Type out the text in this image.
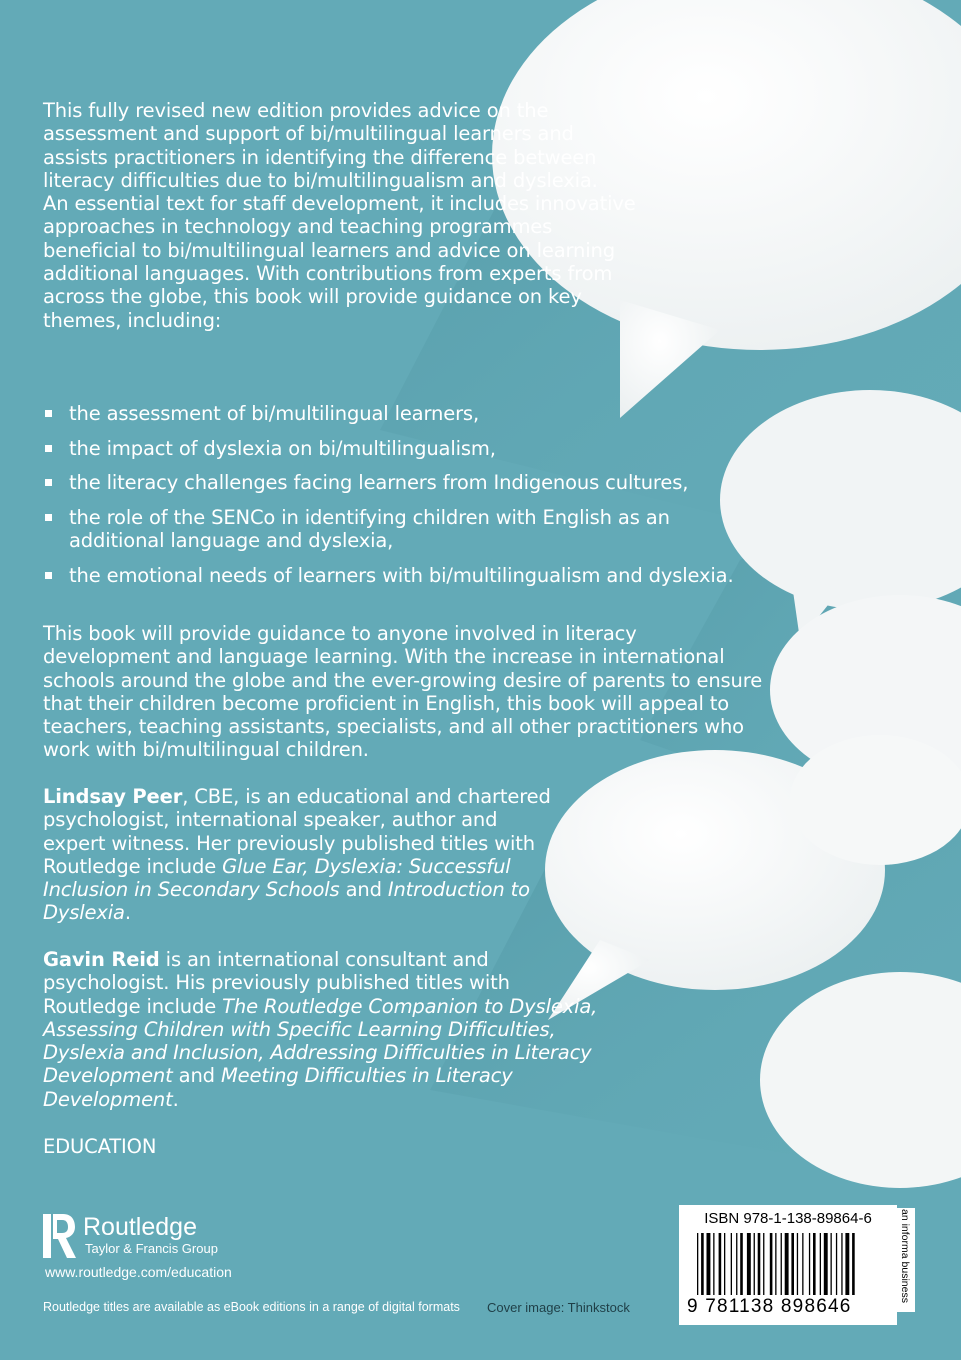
This fully revised new edition provides advice on the assessment and support of bi/multilingual learners and assists practitioners in identifying the difference between literacy difficulties due to bi/multilingualism and dyslexia.

An essential text for staff development, it includes innovative approaches in technology and teaching programmes beneficial to bi/multilingual learners and advice on learning additional languages. With contributions from experts from across the globe, this book will provide guidance on key themes, including:

the assessment of bi/multilingual learners,
the impact of dyslexia on bi/multilingualism,
the literacy challenges facing learners from Indigenous cultures,
the role of the SENCo in identifying children with English as an additional language and dyslexia,
the emotional needs of learners with bi/multilingualism and dyslexia.

This book will provide guidance to anyone involved in literacy development and language learning. With the increase in international schools around the globe and the ever-growing desire of parents to ensure that their children become proficient in English, this book will appeal to teachers, teaching assistants, specialists, and all other practitioners who work with bi/multilingual children.

Lindsay Peer, CBE, is an educational and chartered psychologist, international speaker, author and expert witness. Her previously published titles with Routledge include Glue Ear, Dyslexia: Successful Inclusion in Secondary Schools and Introduction to Dyslexia.

Gavin Reid is an international consultant and psychologist. His previously published titles with Routledge include The Routledge Companion to Dyslexia, Assessing Children with Specific Learning Difficulties, Dyslexia and Inclusion, Addressing Difficulties in Literacy Development and Meeting Difficulties in Literacy Development.

EDUCATION

Routledge
Taylor & Francis Group
www.routledge.com/education
Routledge titles are available as eBook editions in a range of digital formats Cover image: Thinkstock
ISBN 978-1-138-89864-6
9 781138 898646
an informa business
